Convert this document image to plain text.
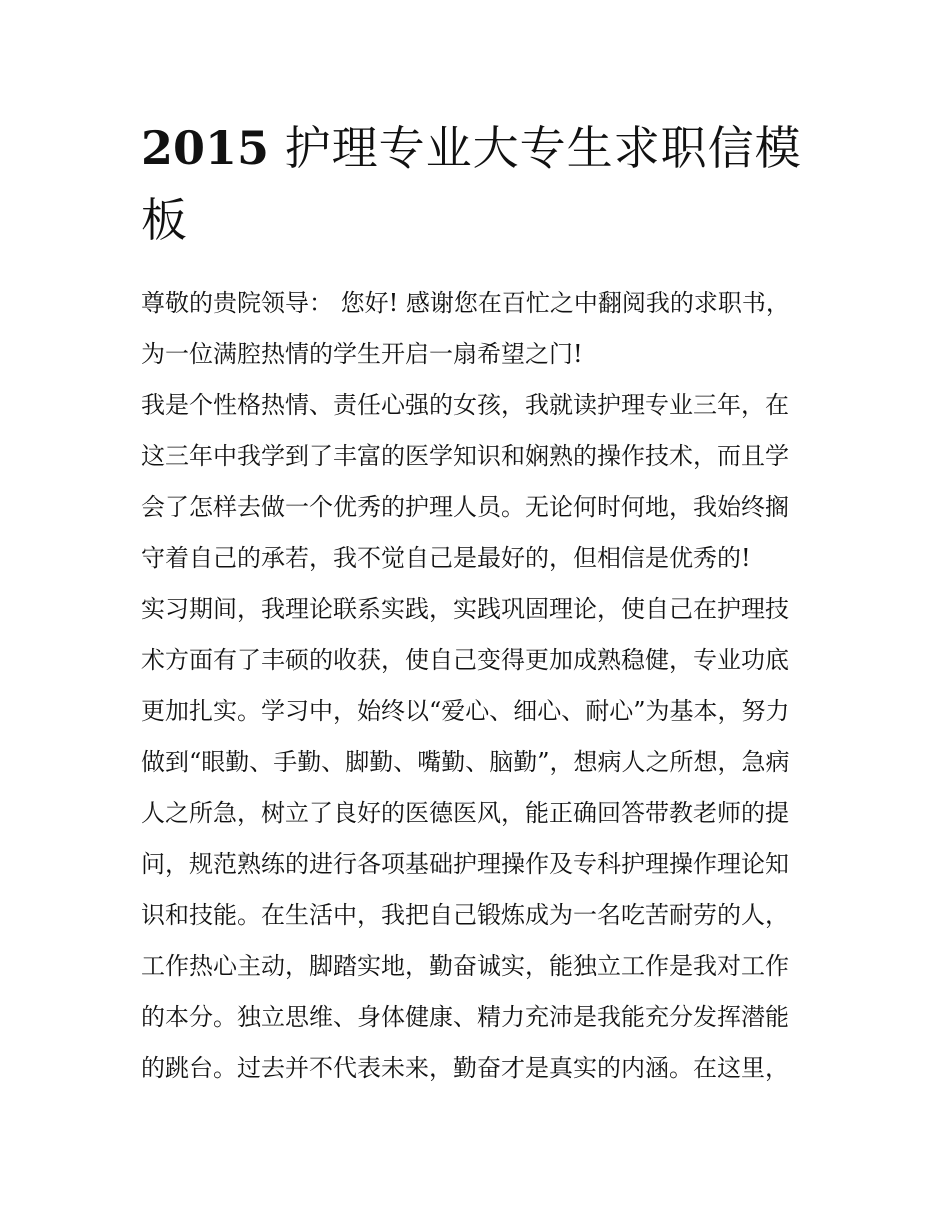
2015 护理专业大专生求职信模
板
尊敬的贵院领导： 您好! 感谢您在百忙之中翻阅我的求职书，
为一位满腔热情的学生开启一扇希望之门!
我是个性格热情、责任心强的女孩，我就读护理专业三年，在
这三年中我学到了丰富的医学知识和娴熟的操作技术，而且学
会了怎样去做一个优秀的护理人员。无论何时何地，我始终搁
守着自己的承若，我不觉自己是最好的，但相信是优秀的!
实习期间，我理论联系实践，实践巩固理论，使自己在护理技
术方面有了丰硕的收获，使自己变得更加成熟稳健，专业功底
更加扎实。学习中，始终以“爱心、细心、耐心”为基本，努力
做到“眼勤、手勤、脚勤、嘴勤、脑勤”，想病人之所想，急病
人之所急，树立了良好的医德医风，能正确回答带教老师的提
问，规范熟练的进行各项基础护理操作及专科护理操作理论知
识和技能。在生活中，我把自己锻炼成为一名吃苦耐劳的人，
工作热心主动，脚踏实地，勤奋诚实，能独立工作是我对工作
的本分。独立思维、身体健康、精力充沛是我能充分发挥潜能
的跳台。过去并不代表未来，勤奋才是真实的内涵。在这里，
